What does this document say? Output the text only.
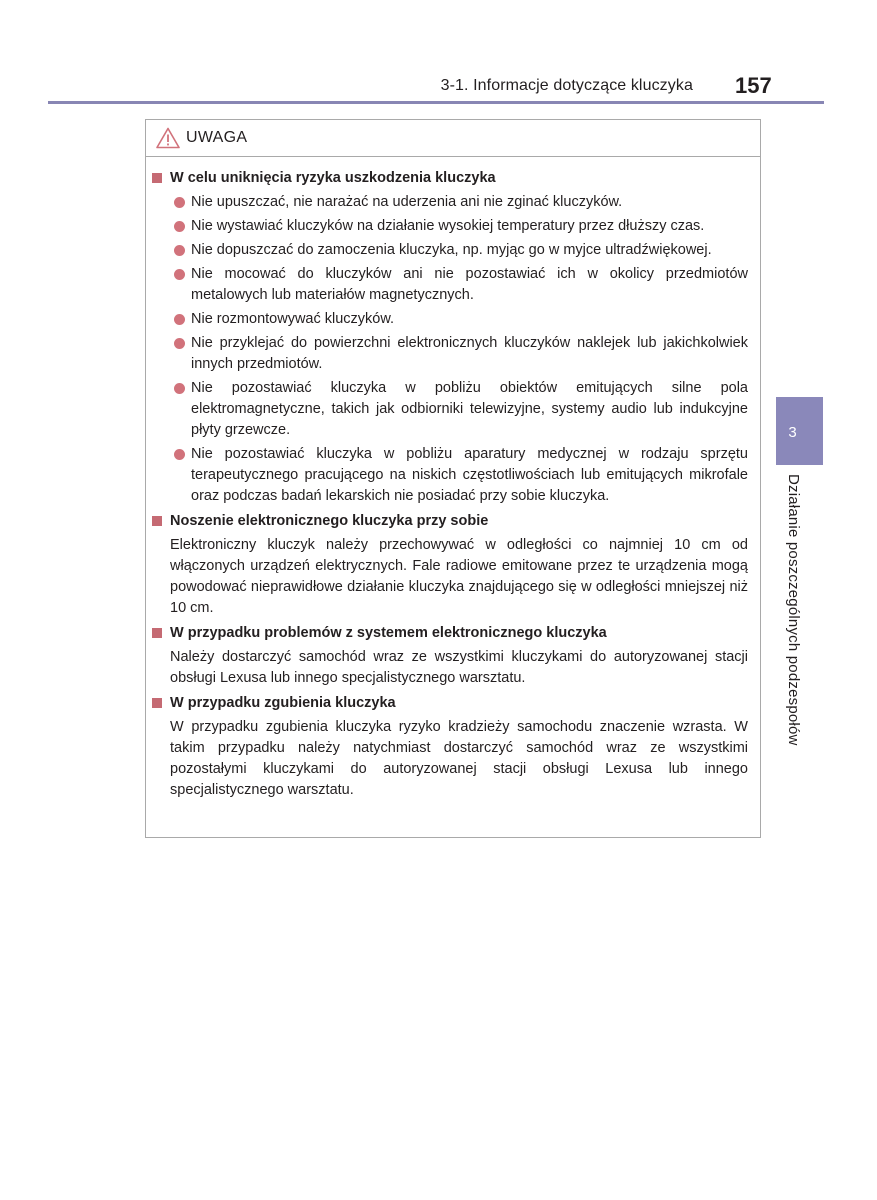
3-1. Informacje dotyczące kluczyka 157
3
Działanie poszczególnych podzespołów
UWAGA
W celu uniknięcia ryzyka uszkodzenia kluczyka
Nie upuszczać, nie narażać na uderzenia ani nie zginać kluczyków.
Nie wystawiać kluczyków na działanie wysokiej temperatury przez dłuższy czas.
Nie dopuszczać do zamoczenia kluczyka, np. myjąc go w myjce ultradźwiękowej.
Nie mocować do kluczyków ani nie pozostawiać ich w okolicy przedmiotów metalowych lub materiałów magnetycznych.
Nie rozmontowywać kluczyków.
Nie przyklejać do powierzchni elektronicznych kluczyków naklejek lub jakichkolwiek innych przedmiotów.
Nie pozostawiać kluczyka w pobliżu obiektów emitujących silne pola elektromagnetyczne, takich jak odbiorniki telewizyjne, systemy audio lub indukcyjne płyty grzewcze.
Nie pozostawiać kluczyka w pobliżu aparatury medycznej w rodzaju sprzętu terapeutycznego pracującego na niskich częstotliwościach lub emitujących mikrofale oraz podczas badań lekarskich nie posiadać przy sobie kluczyka.
Noszenie elektronicznego kluczyka przy sobie
Elektroniczny kluczyk należy przechowywać w odległości co najmniej 10 cm od włączonych urządzeń elektrycznych. Fale radiowe emitowane przez te urządzenia mogą powodować nieprawidłowe działanie kluczyka znajdującego się w odległości mniejszej niż 10 cm.
W przypadku problemów z systemem elektronicznego kluczyka
Należy dostarczyć samochód wraz ze wszystkimi kluczykami do autoryzowanej stacji obsługi Lexusa lub innego specjalistycznego warsztatu.
W przypadku zgubienia kluczyka
W przypadku zgubienia kluczyka ryzyko kradzieży samochodu znaczenie wzrasta. W takim przypadku należy natychmiast dostarczyć samochód wraz ze wszystkimi pozostałymi kluczykami do autoryzowanej stacji obsługi Lexusa lub innego specjalistycznego warsztatu.
